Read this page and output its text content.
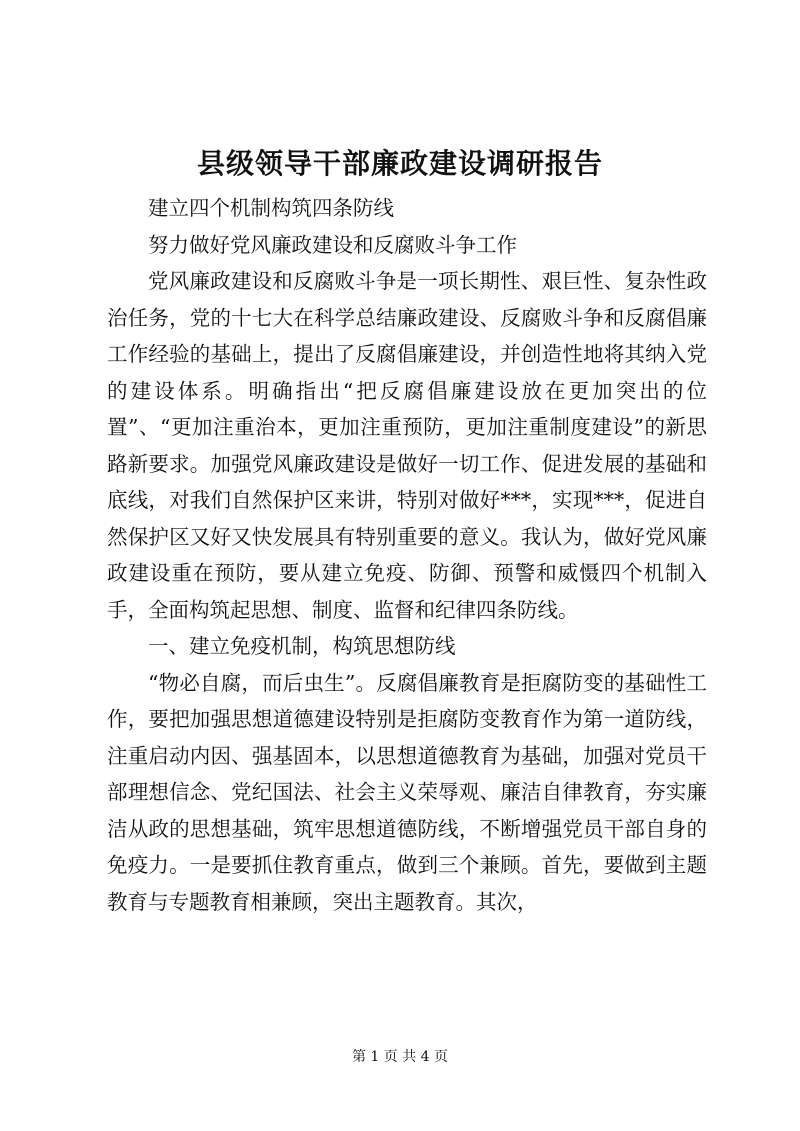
县级领导干部廉政建设调研报告

建立四个机制构筑四条防线

努力做好党风廉政建设和反腐败斗争工作

党风廉政建设和反腐败斗争是一项长期性、艰巨性、复杂性政治任务，党的十七大在科学总结廉政建设、反腐败斗争和反腐倡廉工作经验的基础上，提出了反腐倡廉建设，并创造性地将其纳入党的建设体系。明确指出“把反腐倡廉建设放在更加突出的位置”、“更加注重治本，更加注重预防，更加注重制度建设”的新思路新要求。加强党风廉政建设是做好一切工作、促进发展的基础和底线，对我们自然保护区来讲，特别对做好***，实现***，促进自然保护区又好又快发展具有特别重要的意义。我认为，做好党风廉政建设重在预防，要从建立免疫、防御、预警和威慑四个机制入手，全面构筑起思想、制度、监督和纪律四条防线。

一、建立免疫机制，构筑思想防线

“物必自腐，而后虫生”。反腐倡廉教育是拒腐防变的基础性工作，要把加强思想道德建设特别是拒腐防变教育作为第一道防线，注重启动内因、强基固本，以思想道德教育为基础，加强对党员干部理想信念、党纪国法、社会主义荣辱观、廉洁自律教育，夯实廉洁从政的思想基础，筑牢思想道德防线，不断增强党员干部自身的免疫力。一是要抓住教育重点，做到三个兼顾。首先，要做到主题教育与专题教育相兼顾，突出主题教育。其次，

第 1 页 共 4 页
